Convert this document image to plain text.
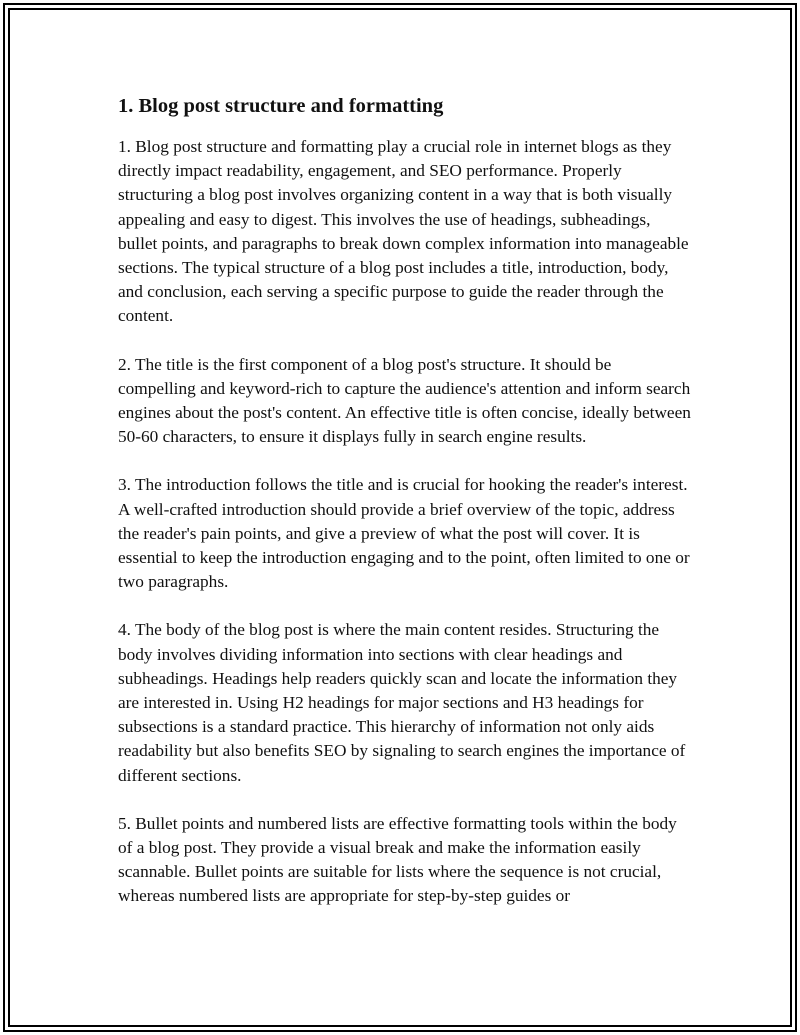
1. Blog post structure and formatting

1. Blog post structure and formatting play a crucial role in internet blogs as they directly impact readability, engagement, and SEO performance. Properly structuring a blog post involves organizing content in a way that is both visually appealing and easy to digest. This involves the use of headings, subheadings, bullet points, and paragraphs to break down complex information into manageable sections. The typical structure of a blog post includes a title, introduction, body, and conclusion, each serving a specific purpose to guide the reader through the content.

2. The title is the first component of a blog post's structure. It should be compelling and keyword-rich to capture the audience's attention and inform search engines about the post's content. An effective title is often concise, ideally between 50-60 characters, to ensure it displays fully in search engine results.

3. The introduction follows the title and is crucial for hooking the reader's interest. A well-crafted introduction should provide a brief overview of the topic, address the reader's pain points, and give a preview of what the post will cover. It is essential to keep the introduction engaging and to the point, often limited to one or two paragraphs.

4. The body of the blog post is where the main content resides. Structuring the body involves dividing information into sections with clear headings and subheadings. Headings help readers quickly scan and locate the information they are interested in. Using H2 headings for major sections and H3 headings for subsections is a standard practice. This hierarchy of information not only aids readability but also benefits SEO by signaling to search engines the importance of different sections.

5. Bullet points and numbered lists are effective formatting tools within the body of a blog post. They provide a visual break and make the information easily scannable. Bullet points are suitable for lists where the sequence is not crucial, whereas numbered lists are appropriate for step-by-step guides or
